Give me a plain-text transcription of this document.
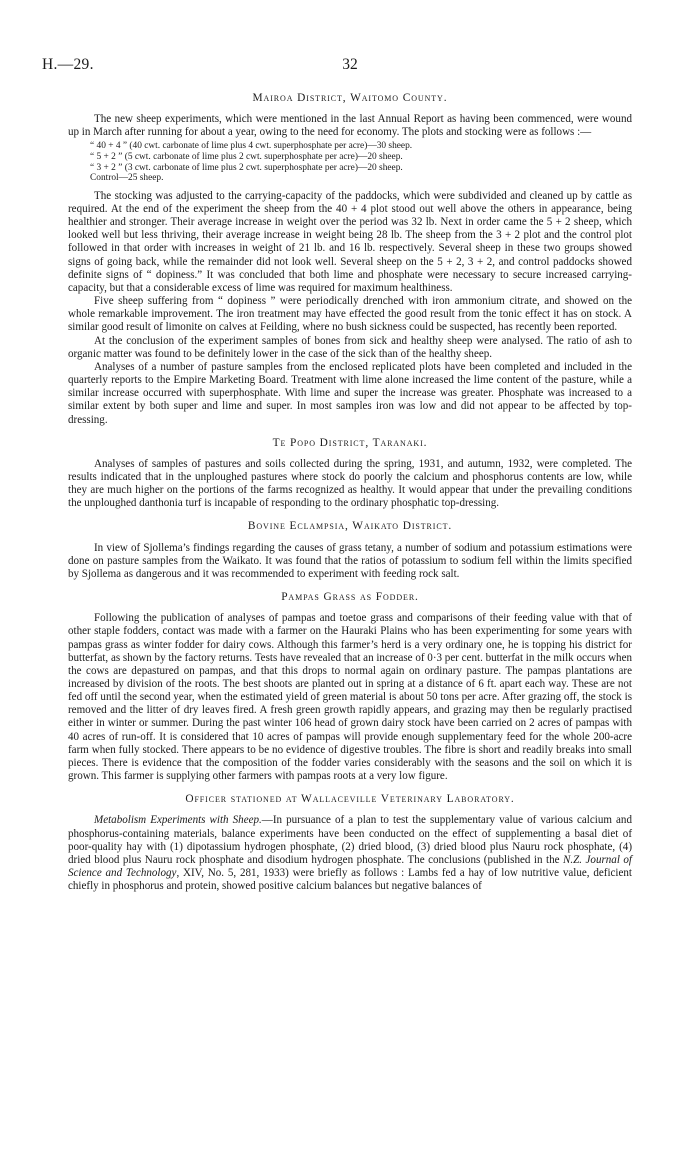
H.—29.	32
Mairoa District, Waitomo County.

The new sheep experiments, which were mentioned in the last Annual Report as having been commenced, were wound up in March after running for about a year, owing to the need for economy. The plots and stocking were as follows :—

“ 40 + 4 ” (40 cwt. carbonate of lime plus 4 cwt. superphosphate per acre)—30 sheep.
“ 5 + 2 ” (5 cwt. carbonate of lime plus 2 cwt. superphosphate per acre)—20 sheep.
“ 3 + 2 ” (3 cwt. carbonate of lime plus 2 cwt. superphosphate per acre)—20 sheep.
Control—25 sheep.

The stocking was adjusted to the carrying-capacity of the paddocks, which were subdivided and cleaned up by cattle as required. At the end of the experiment the sheep from the 40 + 4 plot stood out well above the others in appearance, being healthier and stronger. Their average increase in weight over the period was 32 lb. Next in order came the 5 + 2 sheep, which looked well but less thriving, their average increase in weight being 28 lb. The sheep from the 3 + 2 plot and the control plot followed in that order with increases in weight of 21 lb. and 16 lb. respectively. Several sheep in these two groups showed signs of going back, while the remainder did not look well. Several sheep on the 5 + 2, 3 + 2, and control paddocks showed definite signs of “ dopiness.” It was concluded that both lime and phosphate were necessary to secure increased carrying-capacity, but that a considerable excess of lime was required for maximum healthiness.

Five sheep suffering from “ dopiness ” were periodically drenched with iron ammonium citrate, and showed on the whole remarkable improvement. The iron treatment may have effected the good result from the tonic effect it has on stock. A similar good result of limonite on calves at Feilding, where no bush sickness could be suspected, has recently been reported.

At the conclusion of the experiment samples of bones from sick and healthy sheep were analysed. The ratio of ash to organic matter was found to be definitely lower in the case of the sick than of the healthy sheep.

Analyses of a number of pasture samples from the enclosed replicated plots have been completed and included in the quarterly reports to the Empire Marketing Board. Treatment with lime alone increased the lime content of the pasture, while a similar increase occurred with superphosphate. With lime and super the increase was greater. Phosphate was increased to a similar extent by both super and lime and super. In most samples iron was low and did not appear to be affected by top-dressing.

Te Popo District, Taranaki.

Analyses of samples of pastures and soils collected during the spring, 1931, and autumn, 1932, were completed. The results indicated that in the unploughed pastures where stock do poorly the calcium and phosphorus contents are low, while they are much higher on the portions of the farms recognized as healthy. It would appear that under the prevailing conditions the unploughed danthonia turf is incapable of responding to the ordinary phosphatic top-dressing.

Bovine Eclampsia, Waikato District.

In view of Sjollema’s findings regarding the causes of grass tetany, a number of sodium and potassium estimations were done on pasture samples from the Waikato. It was found that the ratios of potassium to sodium fell within the limits specified by Sjollema as dangerous and it was recommended to experiment with feeding rock salt.

Pampas Grass as Fodder.

Following the publication of analyses of pampas and toetoe grass and comparisons of their feeding value with that of other staple fodders, contact was made with a farmer on the Hauraki Plains who has been experimenting for some years with pampas grass as winter fodder for dairy cows. Although this farmer’s herd is a very ordinary one, he is topping his district for butterfat, as shown by the factory returns. Tests have revealed that an increase of 0·3 per cent. butterfat in the milk occurs when the cows are depastured on pampas, and that this drops to normal again on ordinary pasture. The pampas plantations are increased by division of the roots. The best shoots are planted out in spring at a distance of 6 ft. apart each way. These are not fed off until the second year, when the estimated yield of green material is about 50 tons per acre. After grazing off, the stock is removed and the litter of dry leaves fired. A fresh green growth rapidly appears, and grazing may then be regularly practised either in winter or summer. During the past winter 106 head of grown dairy stock have been carried on 2 acres of pampas with 40 acres of run-off. It is considered that 10 acres of pampas will provide enough supplementary feed for the whole 200-acre farm when fully stocked. There appears to be no evidence of digestive troubles. The fibre is short and readily breaks into small pieces. There is evidence that the composition of the fodder varies considerably with the seasons and the soil on which it is grown. This farmer is supplying other farmers with pampas roots at a very low figure.

Officer stationed at Wallaceville Veterinary Laboratory.

Metabolism Experiments with Sheep.—In pursuance of a plan to test the supplementary value of various calcium and phosphorus-containing materials, balance experiments have been conducted on the effect of supplementing a basal diet of poor-quality hay with (1) dipotassium hydrogen phosphate, (2) dried blood, (3) dried blood plus Nauru rock phosphate, (4) dried blood plus Nauru rock phosphate and disodium hydrogen phosphate. The conclusions (published in the N.Z. Journal of Science and Technology, XIV, No. 5, 281, 1933) were briefly as follows : Lambs fed a hay of low nutritive value, deficient chiefly in phosphorus and protein, showed positive calcium balances but negative balances of
